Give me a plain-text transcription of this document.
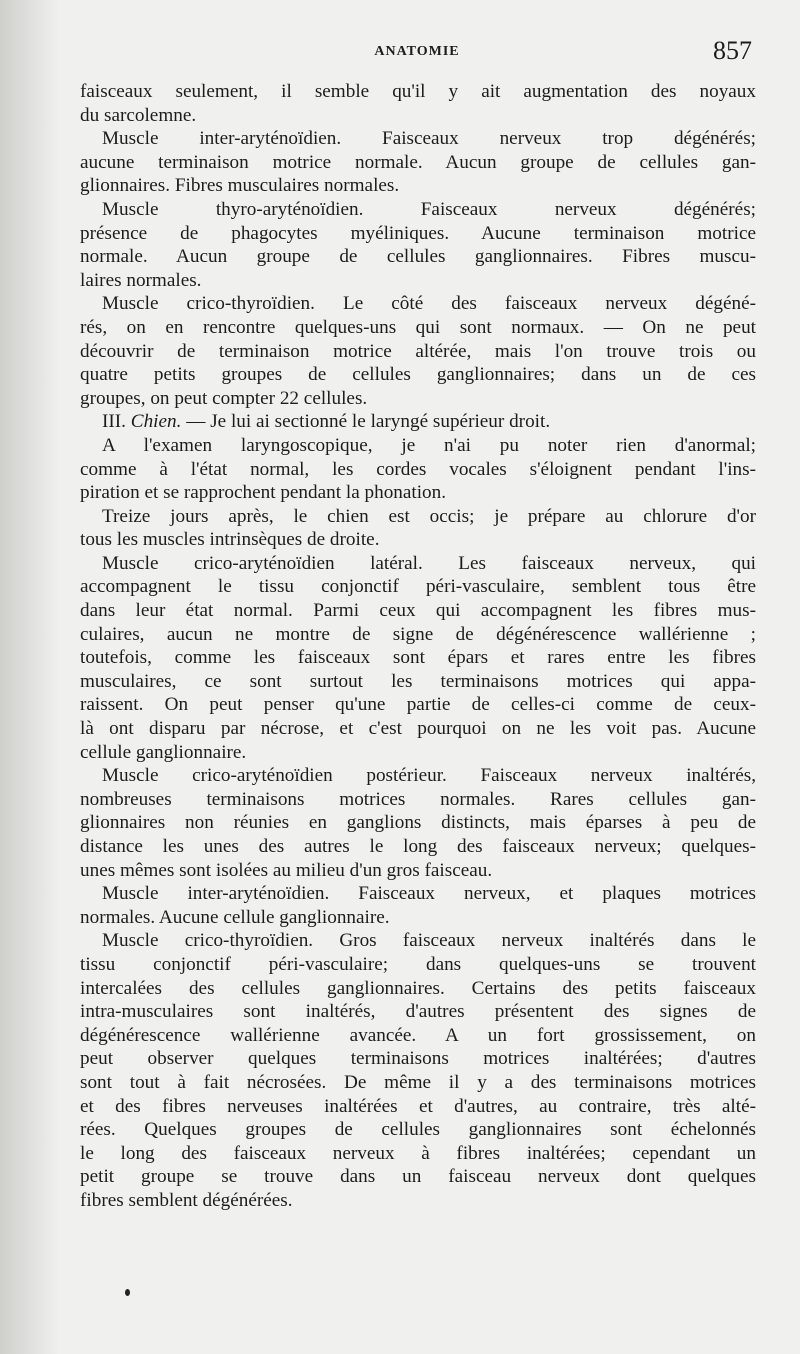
ANATOMIE	857
faisceaux seulement, il semble qu'il y ait augmentation des noyaux
du sarcolemne.
Muscle inter-aryténoïdien. Faisceaux nerveux trop dégénérés;
aucune terminaison motrice normale. Aucun groupe de cellules gan-
glionnaires. Fibres musculaires normales.
Muscle thyro-aryténoïdien. Faisceaux nerveux dégénérés;
présence de phagocytes myéliniques. Aucune terminaison motrice
normale. Aucun groupe de cellules ganglionnaires. Fibres muscu-
laires normales.
Muscle crico-thyroïdien. Le côté des faisceaux nerveux dégéné-
rés, on en rencontre quelques-uns qui sont normaux. — On ne peut
découvrir de terminaison motrice altérée, mais l'on trouve trois ou
quatre petits groupes de cellules ganglionnaires; dans un de ces
groupes, on peut compter 22 cellules.
III. Chien. — Je lui ai sectionné le laryngé supérieur droit.
A l'examen laryngoscopique, je n'ai pu noter rien d'anormal;
comme à l'état normal, les cordes vocales s'éloignent pendant l'ins-
piration et se rapprochent pendant la phonation.
Treize jours après, le chien est occis; je prépare au chlorure d'or
tous les muscles intrinsèques de droite.
Muscle crico-aryténoïdien latéral. Les faisceaux nerveux, qui
accompagnent le tissu conjonctif péri-vasculaire, semblent tous être
dans leur état normal. Parmi ceux qui accompagnent les fibres mus-
culaires, aucun ne montre de signe de dégénérescence wallérienne ;
toutefois, comme les faisceaux sont épars et rares entre les fibres
musculaires, ce sont surtout les terminaisons motrices qui appa-
raissent. On peut penser qu'une partie de celles-ci comme de ceux-
là ont disparu par nécrose, et c'est pourquoi on ne les voit pas. Aucune
cellule ganglionnaire.
Muscle crico-aryténoïdien postérieur. Faisceaux nerveux inaltérés,
nombreuses terminaisons motrices normales. Rares cellules gan-
glionnaires non réunies en ganglions distincts, mais éparses à peu de
distance les unes des autres le long des faisceaux nerveux; quelques-
unes mêmes sont isolées au milieu d'un gros faisceau.
Muscle inter-aryténoïdien. Faisceaux nerveux, et plaques motrices
normales. Aucune cellule ganglionnaire.
Muscle crico-thyroïdien. Gros faisceaux nerveux inaltérés dans le
tissu conjonctif péri-vasculaire; dans quelques-uns se trouvent
intercalées des cellules ganglionnaires. Certains des petits faisceaux
intra-musculaires sont inaltérés, d'autres présentent des signes de
dégénérescence wallérienne avancée. A un fort grossissement, on
peut observer quelques terminaisons motrices inaltérées; d'autres
sont tout à fait nécrosées. De même il y a des terminaisons motrices
et des fibres nerveuses inaltérées et d'autres, au contraire, très alté-
rées. Quelques groupes de cellules ganglionnaires sont échelonnés
le long des faisceaux nerveux à fibres inaltérées; cependant un
petit groupe se trouve dans un faisceau nerveux dont quelques
fibres semblent dégénérées.
